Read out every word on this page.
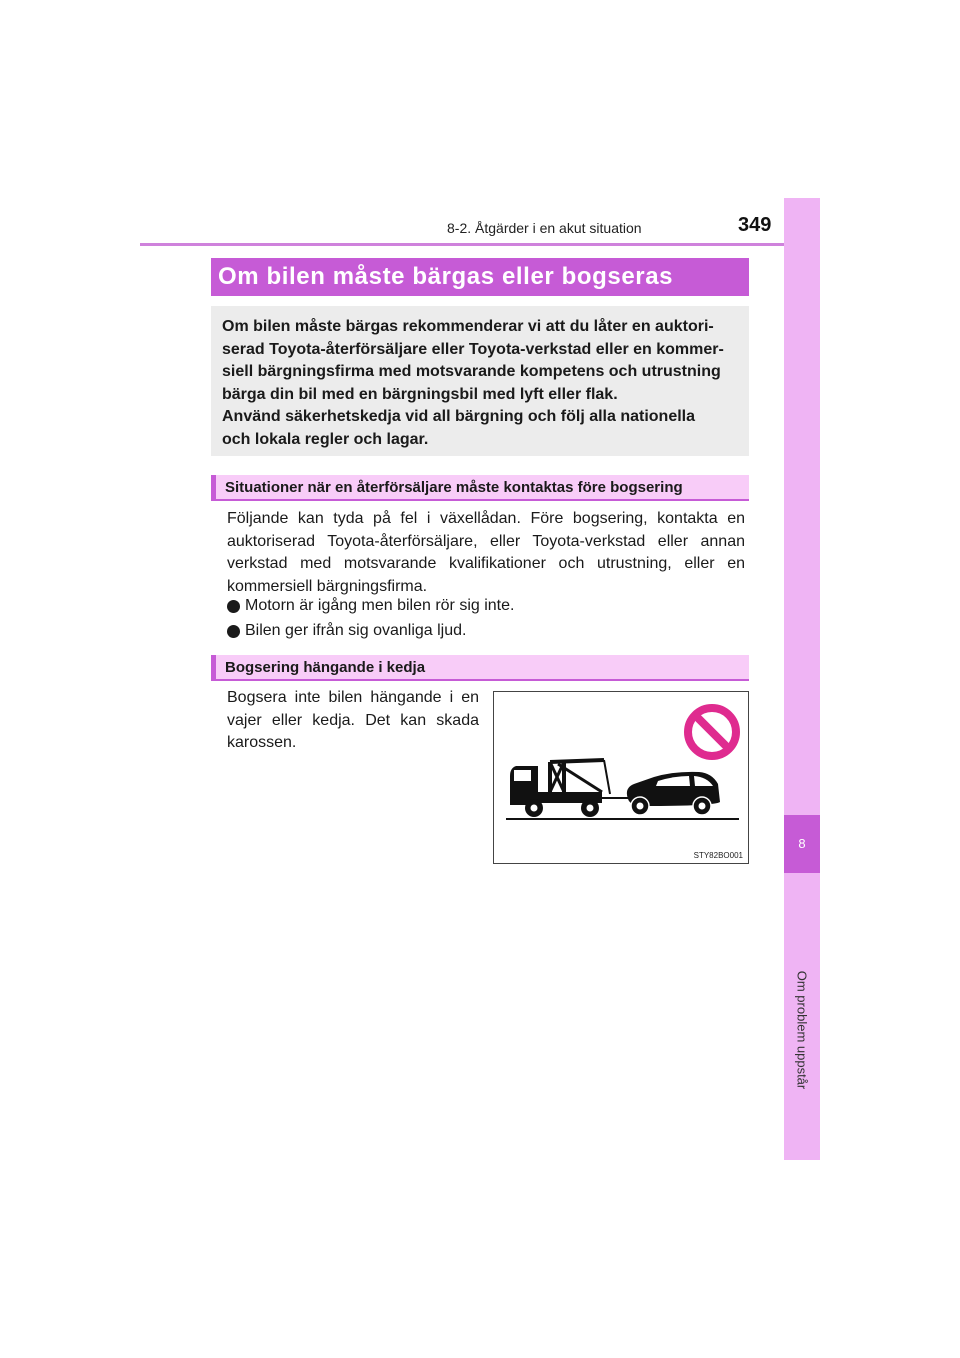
8-2. Åtgärder i en akut situation	349
8
Om problem uppstår
Om bilen måste bärgas eller bogseras
Om bilen måste bärgas rekommenderar vi att du låter en auktori-
serad Toyota-återförsäljare eller Toyota-verkstad eller en kommer-
siell bärgningsfirma med motsvarande kompetens och utrustning
bärga din bil med en bärgningsbil med lyft eller flak.
Använd säkerhetskedja vid all bärgning och följ alla nationella
och lokala regler och lagar.
Situationer när en återförsäljare måste kontaktas före bogsering
Följande kan tyda på fel i växellådan. Före bogsering, kontakta en auktoriserad Toyota-återförsäljare, eller Toyota-verkstad eller annan verkstad med motsvarande kvalifikationer och utrustning, eller en kommersiell bärgningsfirma.
Motorn är igång men bilen rör sig inte.
Bilen ger ifrån sig ovanliga ljud.
Bogsering hängande i kedja
Bogsera inte bilen hängande i en vajer eller kedja. Det kan skada karossen.
STY82BO001
